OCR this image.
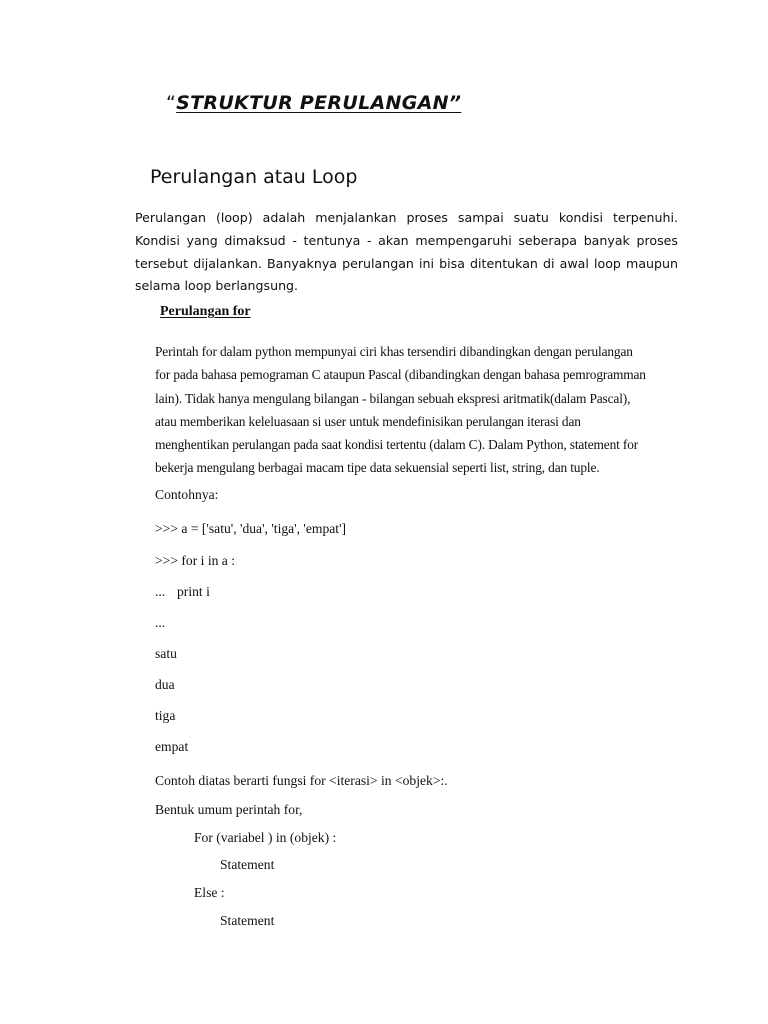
“STRUKTUR PERULANGAN”
Perulangan atau Loop

Perulangan (loop) adalah menjalankan proses sampai suatu kondisi terpenuhi. Kondisi yang dimaksud - tentunya - akan mempengaruhi seberapa banyak proses tersebut dijalankan. Banyaknya perulangan ini bisa ditentukan di awal loop maupun selama loop berlangsung.

Perulangan for

Perintah for dalam python mempunyai ciri khas tersendiri dibandingkan dengan perulangan
for pada bahasa pemograman C ataupun Pascal (dibandingkan dengan bahasa pemrogramman
lain). Tidak hanya mengulang bilangan - bilangan sebuah ekspresi aritmatik(dalam Pascal),
atau memberikan keleluasaan si user untuk mendefinisikan perulangan iterasi dan
menghentikan perulangan pada saat kondisi tertentu (dalam C). Dalam Python, statement for
bekerja mengulang berbagai macam tipe data sekuensial seperti list, string, dan tuple.

Contohnya:

>>> a = ['satu', 'dua', 'tiga', 'empat']

>>> for i in a :

... print i

...

satu

dua

tiga

empat

Contoh diatas berarti fungsi for <iterasi> in <objek>:.

Bentuk umum perintah for,

For (variabel ) in (objek) :

Statement

Else :

Statement
